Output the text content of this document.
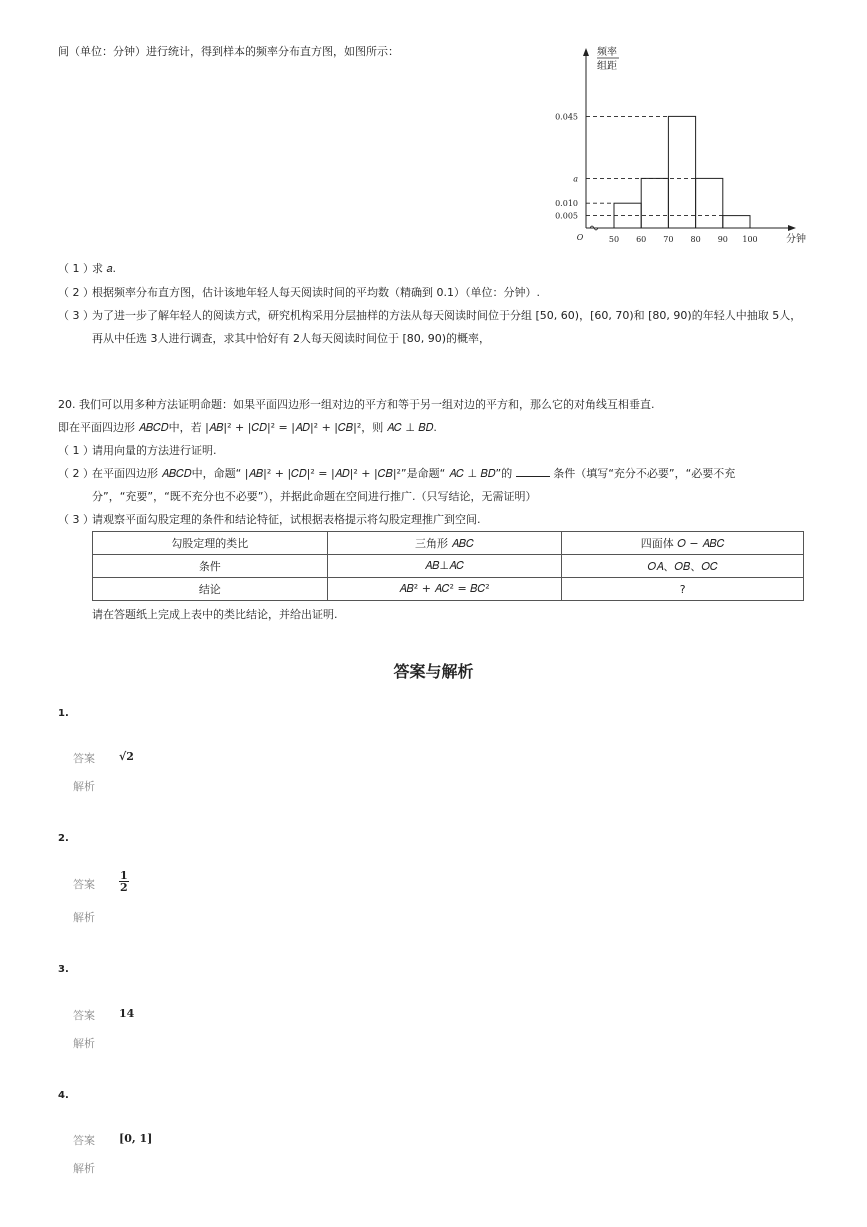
间（单位：分钟）进行统计，得到样本的频率分布直方图，如图所示：
0.045
a
0.010
0.005
50 60 70 80 90 100
O
频率
组距
分钟
（ 1 ）求 𝑎.
（ 2 ）根据频率分布直方图，估计该地年轻人每天阅读时间的平均数（精确到 0.1）（单位：分钟）.
（ 3 ）为了进一步了解年轻人的阅读方式，研究机构采用分层抽样的方法从每天阅读时间位于分组 [50, 60)，[60, 70)和 [80, 90)的年轻人中抽取 5人，
再从中任选 3人进行调查，求其中恰好有 2人每天阅读时间位于 [80, 90)的概率，
20. 我们可以用多种方法证明命题：如果平面四边形一组对边的平方和等于另一组对边的平方和，那么它的对角线互相垂直.
即在平面四边形 𝐴𝐵𝐶𝐷中，若 |𝐴𝐵|² + |𝐶𝐷|² = |𝐴𝐷|² + |𝐶𝐵|²，则 𝐴𝐶 ⊥ 𝐵𝐷.
（ 1 ）请用向量的方法进行证明.
（ 2 ）在平面四边形 𝐴𝐵𝐶𝐷中，命题“ |𝐴𝐵|² + |𝐶𝐷|² = |𝐴𝐷|² + |𝐶𝐵|²”是命题“ 𝐴𝐶 ⊥ 𝐵𝐷”的	条件（填写“充分不必要”，“必要不充
分”，“充要”，“既不充分也不必要”），并据此命题在空间进行推广.（只写结论，无需证明）
（ 3 ）请观察平面勾股定理的条件和结论特征，试根据表格提示将勾股定理推广到空间.
勾股定理的类比	三角形 𝐴𝐵𝐶	四面体 𝑂 − 𝐴𝐵𝐶
条件	𝐴𝐵⊥𝐴𝐶	𝑂𝐴、𝑂𝐵、𝑂𝐶
结论	𝐴𝐵² + 𝐴𝐶² = 𝐵𝐶²	?
请在答题纸上完成上表中的类比结论，并给出证明.
答案与解析
1.
答案 √2
解析
2.
答案 $\frac{1}{2}$
解析
3.
答案 14
解析
4.
答案 [0, 1]
解析
